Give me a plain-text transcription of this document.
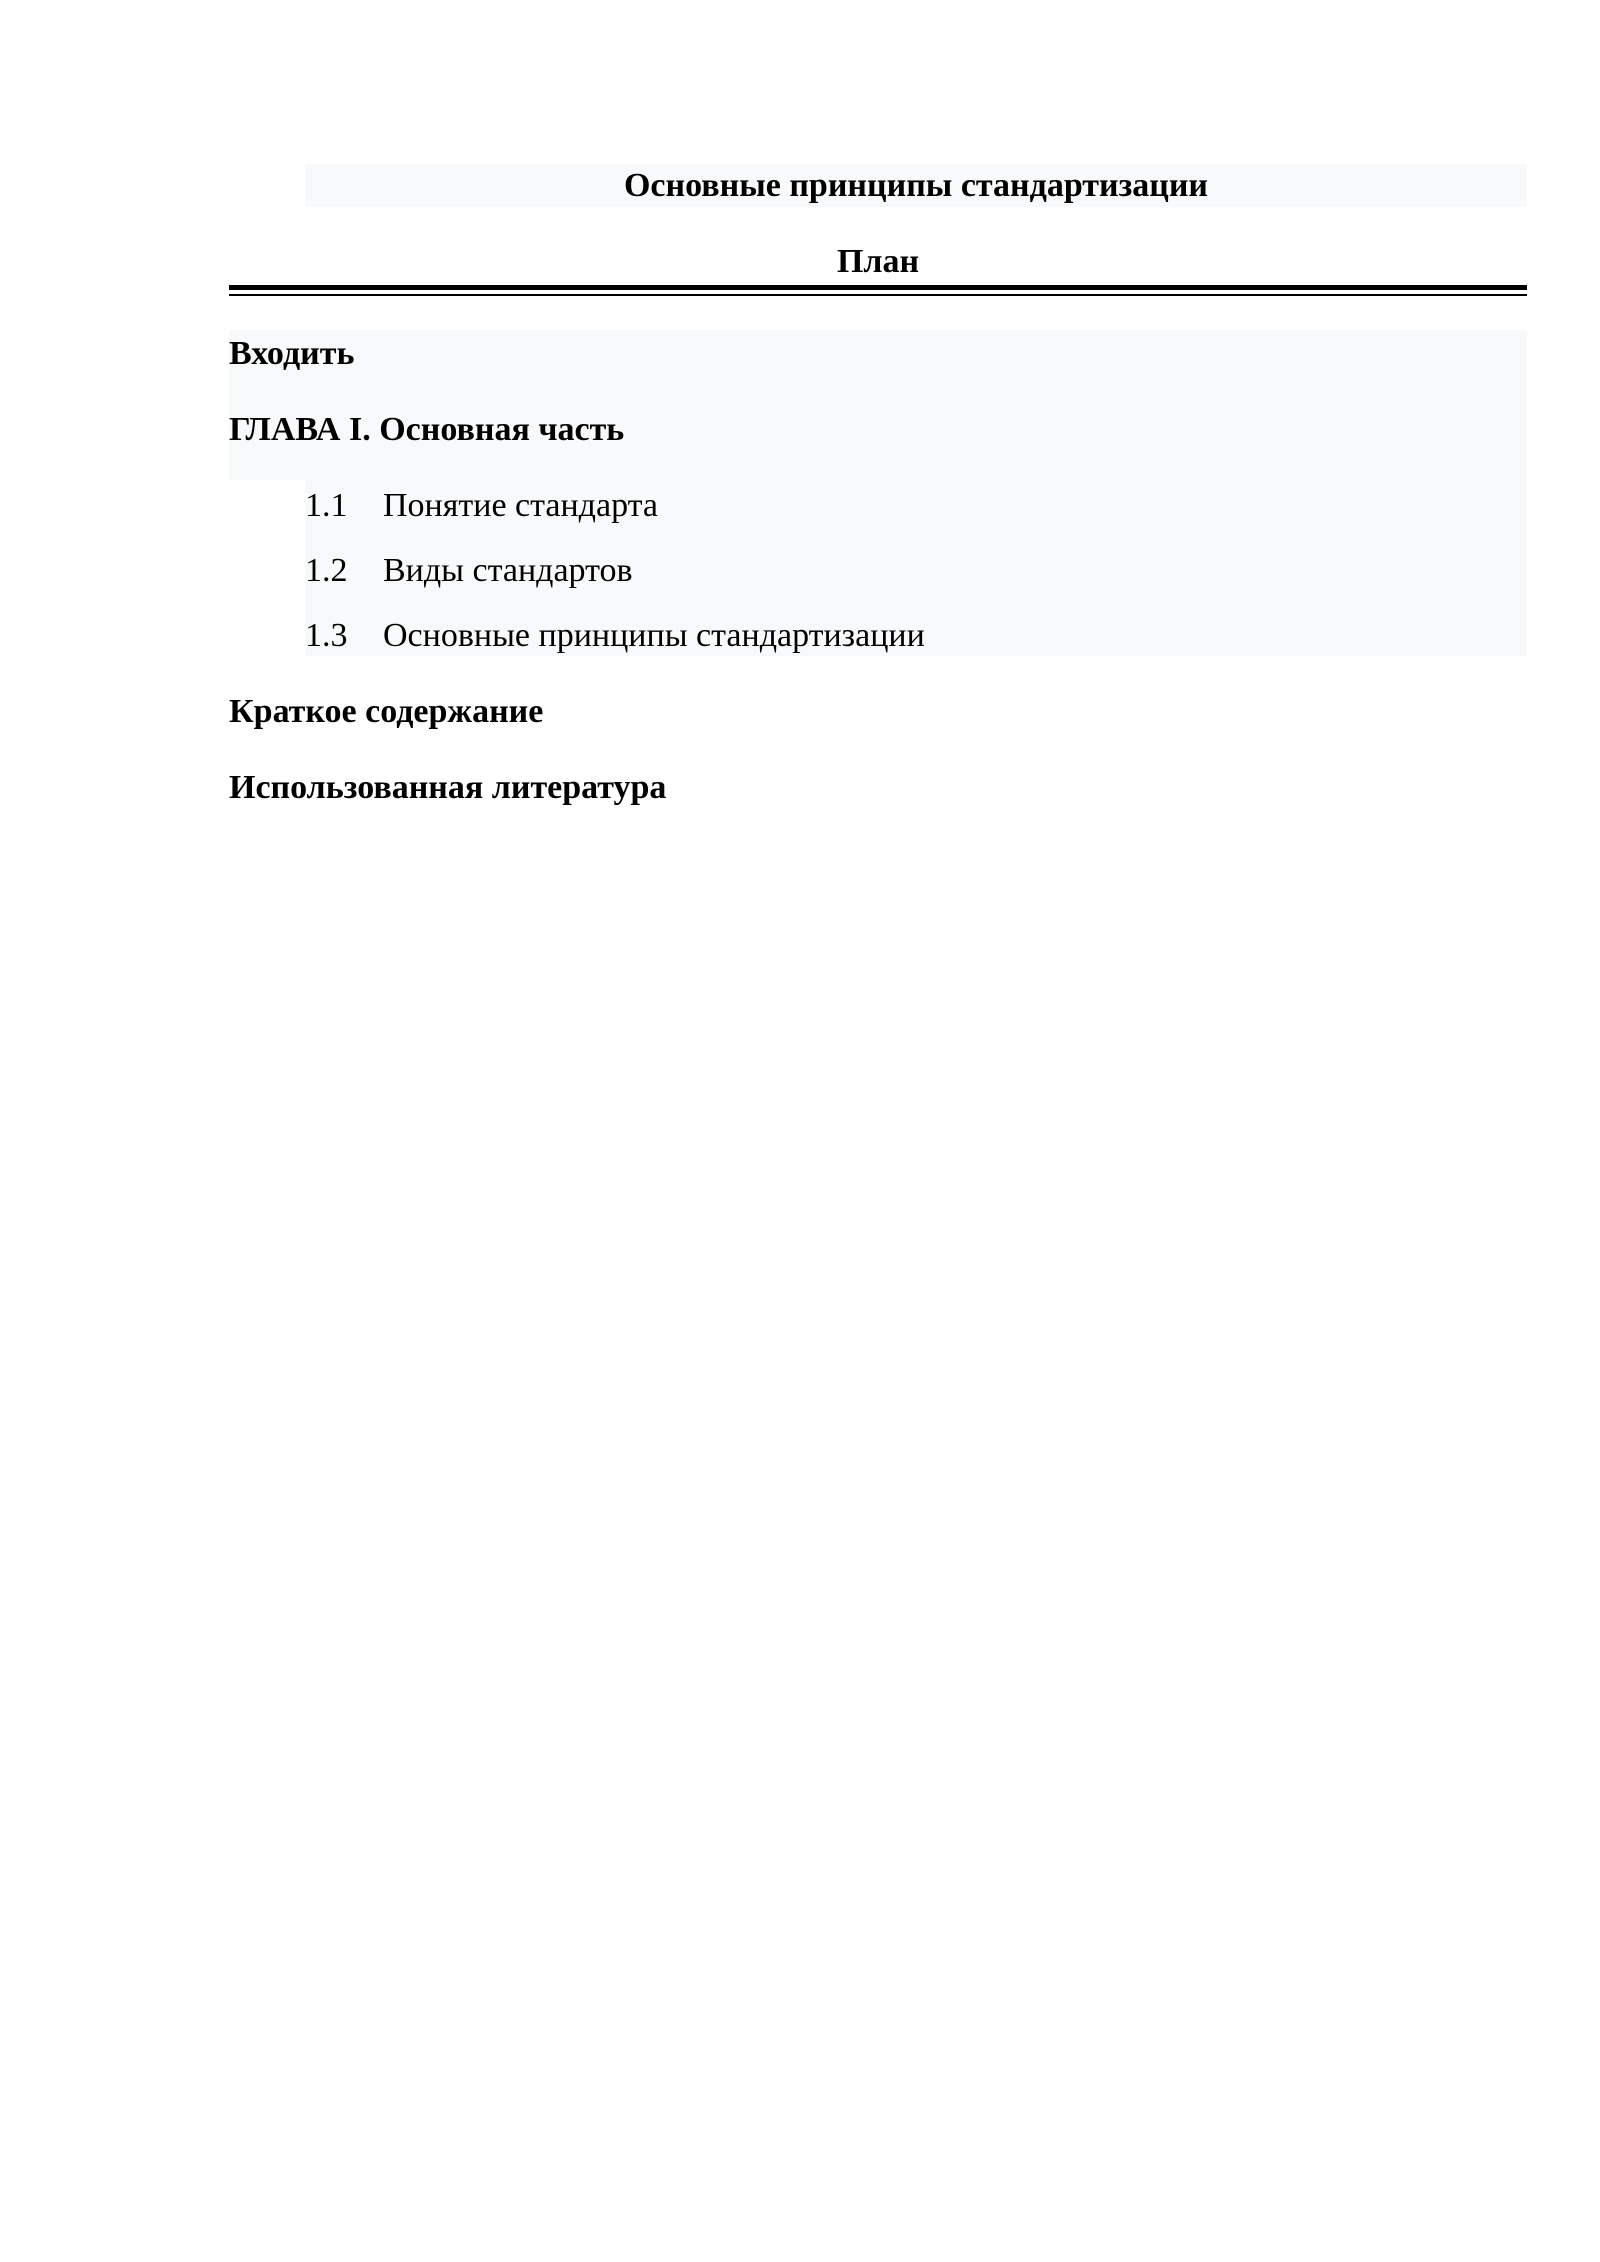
Основные принципы стандартизации
План
Входить
ГЛАВА I. Основная часть
1.1 Понятие стандарта
1.2 Виды стандартов
1.3 Основные принципы стандартизации
Краткое содержание
Использованная литература
